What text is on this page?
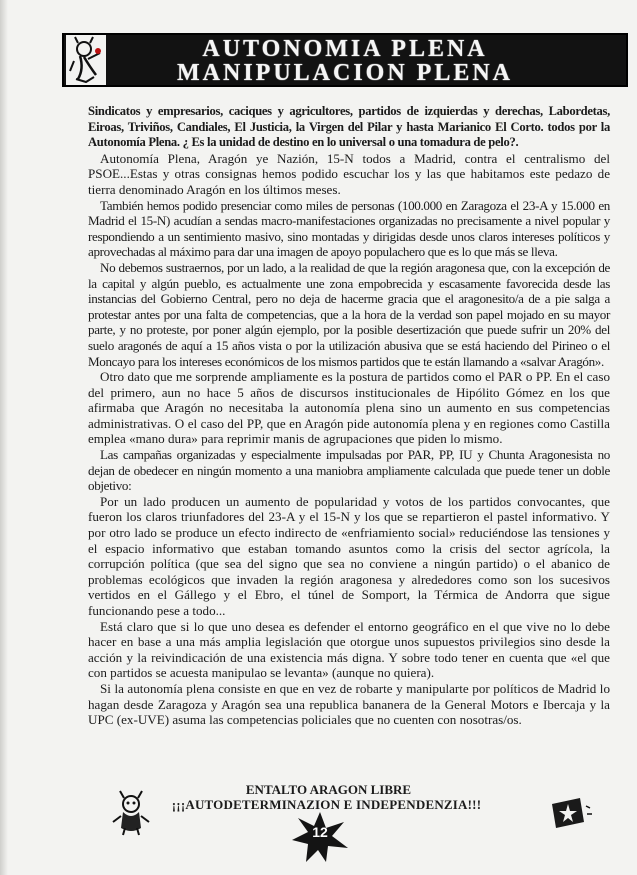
AUTONOMIA PLENA
MANIPULACION PLENA

Sindicatos y empresarios, caciques y agricultores, partidos de izquierdas y derechas, Labordetas, Eiroas, Triviños, Candiales, El Justicia, la Virgen del Pilar y hasta Marianico El Corto. todos por la Autonomía Plena. ¿ Es la unidad de destino en lo universal o una tomadura de pelo?.

Autonomía Plena, Aragón ye Nazión, 15-N todos a Madrid, contra el centralismo del PSOE...Estas y otras consignas hemos podido escuchar los y las que habitamos este pedazo de tierra denominado Aragón en los últimos meses.

También hemos podido presenciar como miles de personas (100.000 en Zaragoza el 23-A y 15.000 en Madrid el 15-N) acudían a sendas macro-manifestaciones organizadas no precisamente a nivel popular y respondiendo a un sentimiento masivo, sino montadas y dirigidas desde unos claros intereses políticos y aprovechadas al máximo para dar una imagen de apoyo populachero que es lo que más se lleva.

No debemos sustraernos, por un lado, a la realidad de que la región aragonesa que, con la excepción de la capital y algún pueblo, es actualmente une zona empobrecida y escasamente favorecida desde las instancias del Gobierno Central, pero no deja de hacerme gracia que el aragonesito/a de a pie salga a protestar antes por una falta de competencias, que a la hora de la verdad son papel mojado en su mayor parte, y no proteste, por poner algún ejemplo, por la posible desertización que puede sufrir un 20% del suelo aragonés de aquí a 15 años vista o por la utilización abusiva que se está haciendo del Pirineo o el Moncayo para los intereses económicos de los mismos partidos que te están llamando a «salvar Aragón».

Otro dato que me sorprende ampliamente es la postura de partidos como el PAR o PP. En el caso del primero, aun no hace 5 años de discursos institucionales de Hipólito Gómez en los que afirmaba que Aragón no necesitaba la autonomía plena sino un aumento en sus competencias administrativas. O el caso del PP, que en Aragón pide autonomía plena y en regiones como Castilla emplea «mano dura» para reprimir manis de agrupaciones que piden lo mismo.

Las campañas organizadas y especialmente impulsadas por PAR, PP, IU y Chunta Aragonesista no dejan de obedecer en ningún momento a una maniobra ampliamente calculada que puede tener un doble objetivo:

Por un lado producen un aumento de popularidad y votos de los partidos convocantes, que fueron los claros triunfadores del 23-A y el 15-N y los que se repartieron el pastel informativo. Y por otro lado se produce un efecto indirecto de «enfriamiento social» reduciéndose las tensiones y el espacio informativo que estaban tomando asuntos como la crisis del sector agrícola, la corrupción política (que sea del signo que sea no conviene a ningún partido) o el abanico de problemas ecológicos que invaden la región aragonesa y alrededores como son los sucesivos vertidos en el Gállego y el Ebro, el túnel de Somport, la Térmica de Andorra que sigue funcionando pese a todo...

Está claro que si lo que uno desea es defender el entorno geográfico en el que vive no lo debe hacer en base a una más amplia legislación que otorgue unos supuestos privilegios sino desde la acción y la reivindicación de una existencia más digna. Y sobre todo tener en cuenta que «el que con partidos se acuesta manipulao se levanta» (aunque no quiera).

Si la autonomía plena consiste en que en vez de robarte y manipularte por políticos de Madrid lo hagan desde Zaragoza y Aragón sea una republica bananera de la General Motors e Ibercaja y la UPC (ex-UVE) asuma las competencias policiales que no cuenten con nosotras/os.

ENTALTO ARAGON LIBRE
¡¡¡AUTODETERMINAZION E INDEPENDENZIA!!!
12
